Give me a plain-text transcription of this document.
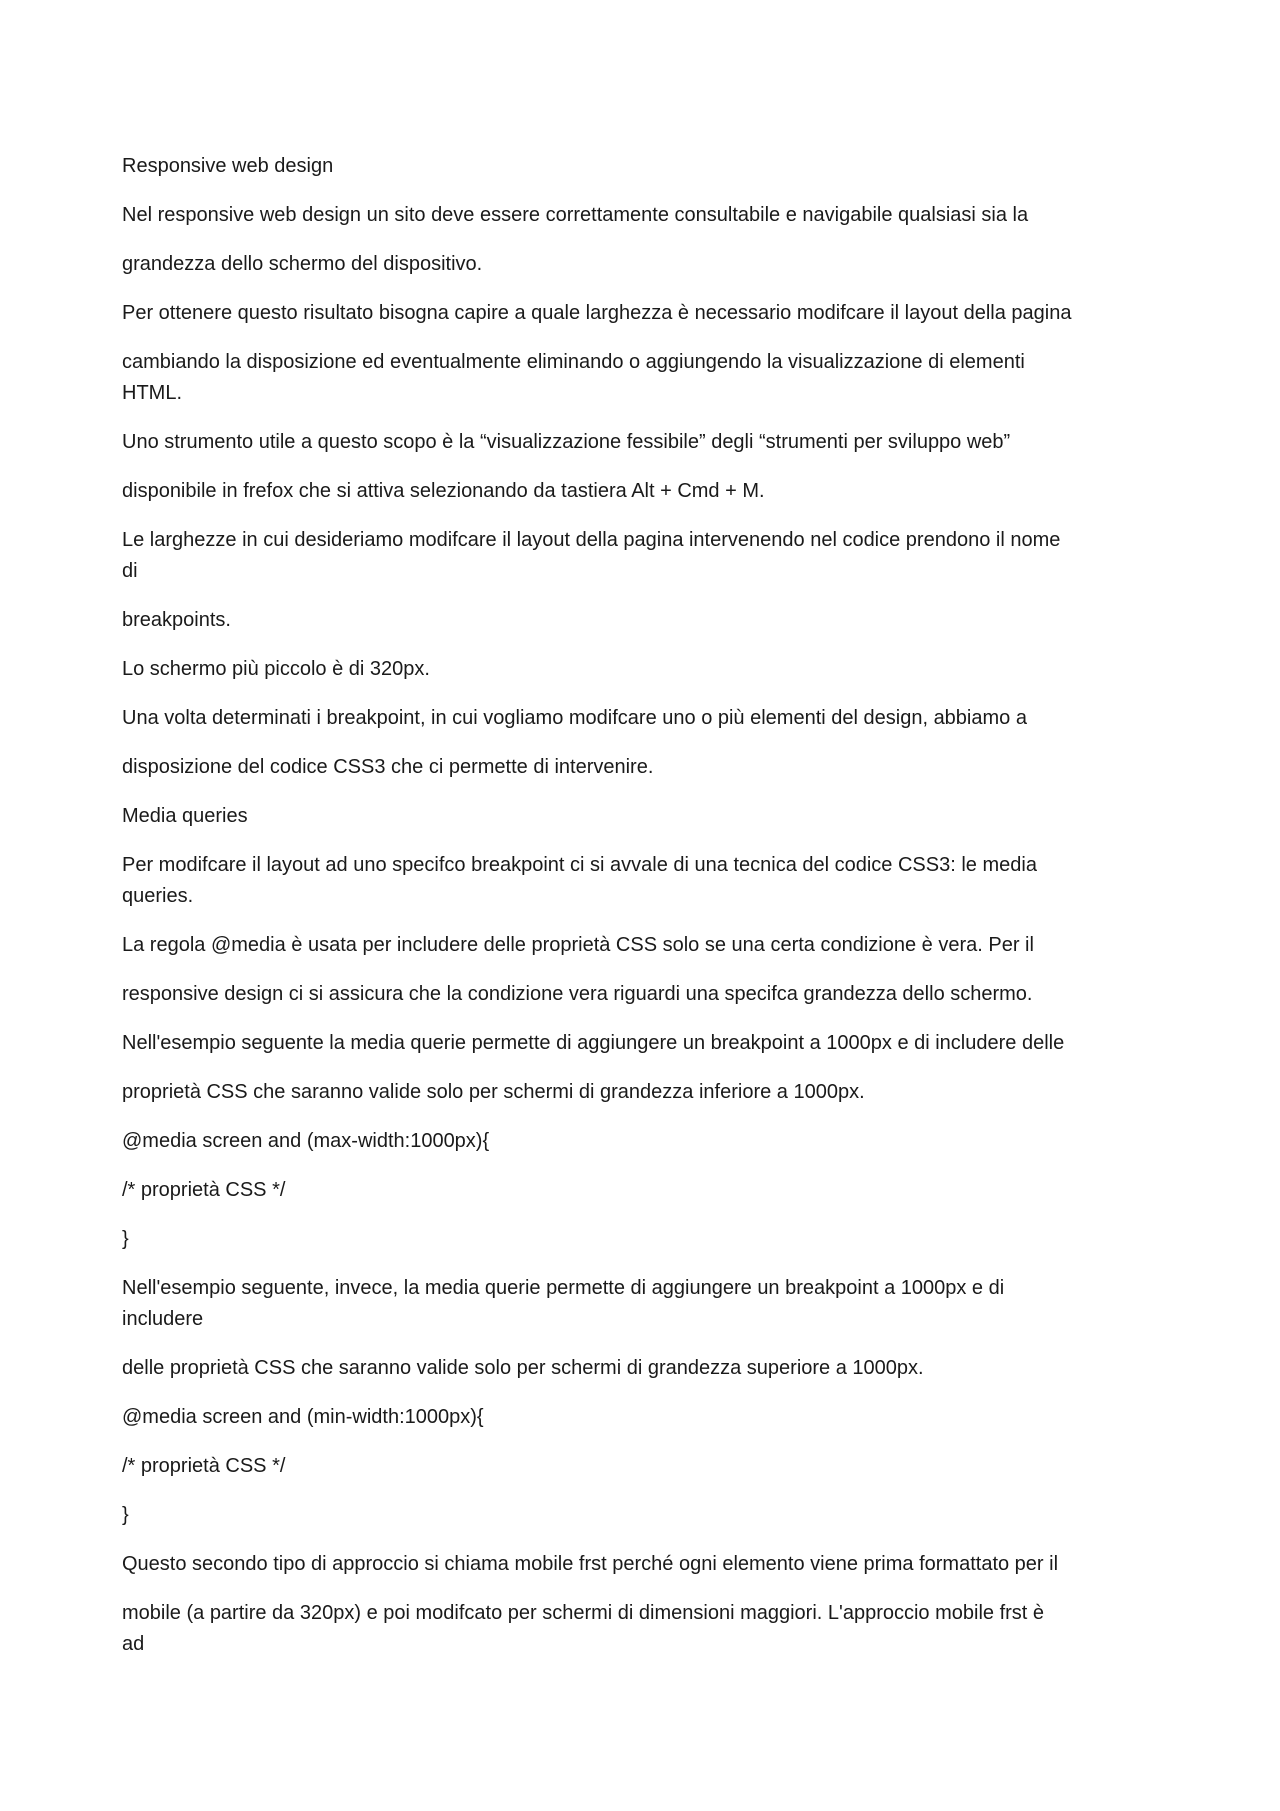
Responsive web design

Nel responsive web design un sito deve essere correttamente consultabile e navigabile qualsiasi sia la

grandezza dello schermo del dispositivo.

Per ottenere questo risultato bisogna capire a quale larghezza è necessario modifcare il layout della pagina

cambiando la disposizione ed eventualmente eliminando o aggiungendo la visualizzazione di elementi
HTML.

Uno strumento utile a questo scopo è la “visualizzazione fessibile” degli “strumenti per sviluppo web”

disponibile in frefox che si attiva selezionando da tastiera Alt + Cmd + M.

Le larghezze in cui desideriamo modifcare il layout della pagina intervenendo nel codice prendono il nome
di

breakpoints.

Lo schermo più piccolo è di 320px.

Una volta determinati i breakpoint, in cui vogliamo modifcare uno o più elementi del design, abbiamo a

disposizione del codice CSS3 che ci permette di intervenire.

Media queries

Per modifcare il layout ad uno specifco breakpoint ci si avvale di una tecnica del codice CSS3: le media
queries.

La regola @media è usata per includere delle proprietà CSS solo se una certa condizione è vera. Per il

responsive design ci si assicura che la condizione vera riguardi una specifca grandezza dello schermo.

Nell'esempio seguente la media querie permette di aggiungere un breakpoint a 1000px e di includere delle

proprietà CSS che saranno valide solo per schermi di grandezza inferiore a 1000px.

@media screen and (max-width:1000px){

/* proprietà CSS */

}

Nell'esempio seguente, invece, la media querie permette di aggiungere un breakpoint a 1000px e di
includere

delle proprietà CSS che saranno valide solo per schermi di grandezza superiore a 1000px.

@media screen and (min-width:1000px){

/* proprietà CSS */

}

Questo secondo tipo di approccio si chiama mobile frst perché ogni elemento viene prima formattato per il

mobile (a partire da 320px) e poi modifcato per schermi di dimensioni maggiori. L'approccio mobile frst è
ad
